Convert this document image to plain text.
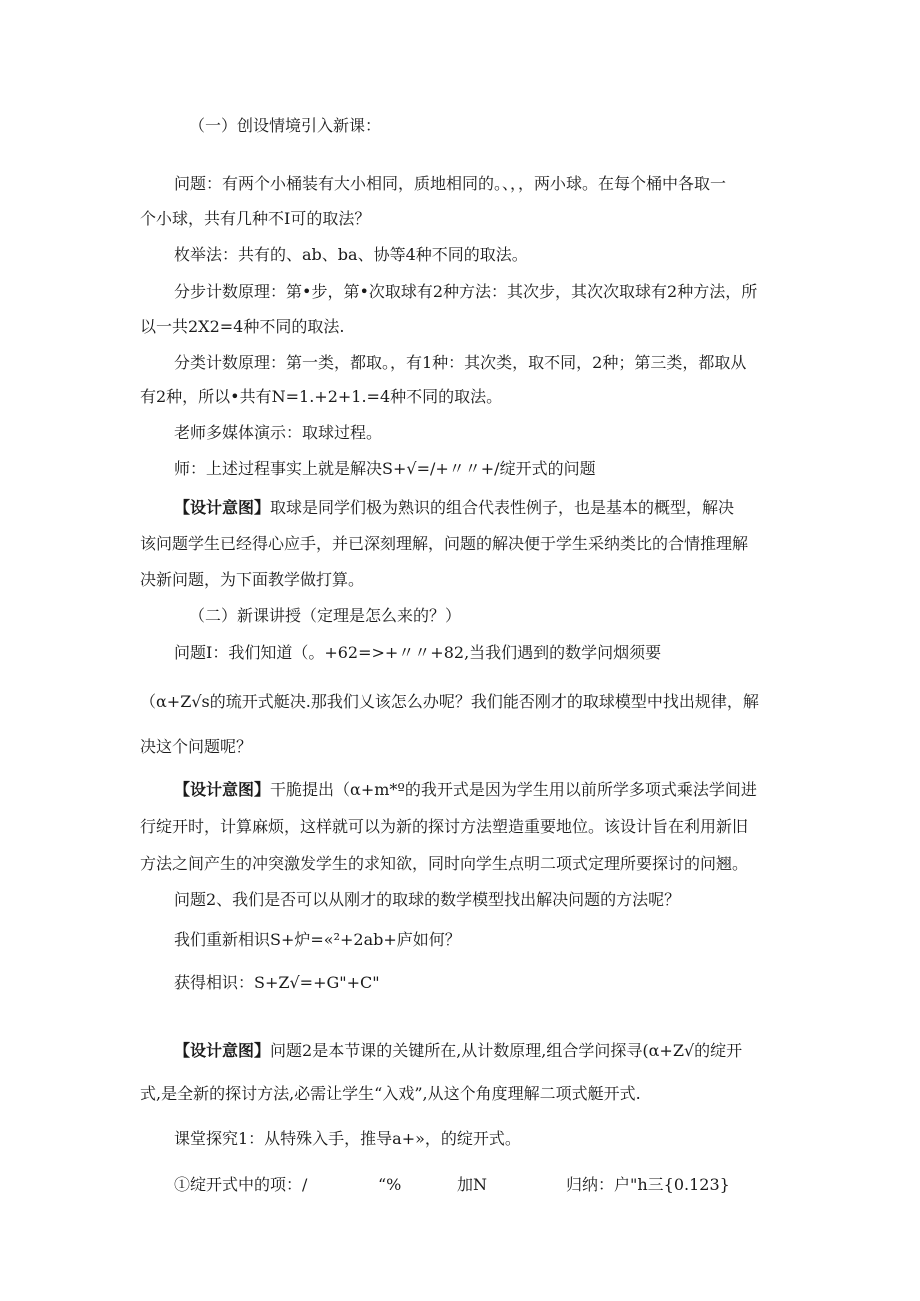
（一）创设情境引入新课：
问题：有两个小桶装有大小相同，质地相同的。、，，两小球。在每个桶中各取一
个小球，共有几种不I可的取法？
枚举法：共有的、ab、ba、协等4种不同的取法。
分步计数原理：第•步，第•次取球有2种方法：其次步，其次次取球有2种方法，所
以一共2X2=4种不同的取法.
分类计数原理：第一类，都取。，有1种：其次类，取不同，2种；第三类，都取从
有2种，所以•共有N=1.+2+1.=4种不同的取法。
老师多媒体演示：取球过程。
师：上述过程事实上就是解决S+√=/+〃〃+/绽开式的问题
【设计意图】取球是同学们极为熟识的组合代表性例子，也是基本的概型，解决
该问题学生已经得心应手，并已深刻理解，问题的解决便于学生采纳类比的合情推理解
决新问题，为下面教学做打算。
（二）新课讲授（定理是怎么来的？）
问题I：我们知道（。+62=>+〃〃+82,当我们遇到的数学问烟须要
（α+Z√s的琉开式艇决.那我们乂该怎么办呢？我们能否刚才的取球模型中找出规律，解
决这个问题呢？
【设计意图】干脆提出（α+m*º的我开式是因为学生用以前所学多项式乘法学间进
行绽开时，计算麻烦，这样就可以为新的探讨方法塑造重要地位。该设计旨在利用新旧
方法之间产生的冲突激发学生的求知欲，同时向学生点明二项式定理所要探讨的问翘。
问题2、我们是否可以从刚才的取球的数学模型找出解决问题的方法呢？
我们重新相识S+炉=«²+2ab+庐如何？
获得相识：S+Z√=+G"+C"
【设计意图】问题2是本节课的关键所在,从计数原理,组合学问探寻(α+Z√的绽开
式,是全新的探讨方法,必需让学生“入戏”,从这个角度理解二项式艇开式.
课堂探究1：从特殊入手，推导a+»，的绽开式。
①绽开式中的项：/	“%	加N	归纳：户"h三{0.123}
